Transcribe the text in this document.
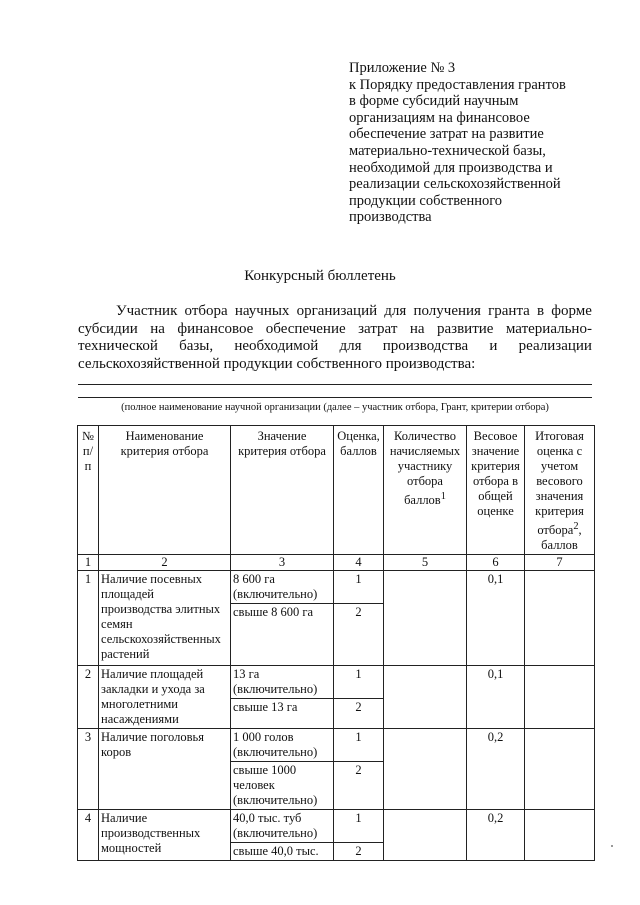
Приложение № 3
к Порядку предоставления грантов
в форме субсидий научным
организациям на финансовое
обеспечение затрат на развитие
материально-технической базы,
необходимой для производства и
реализации сельскохозяйственной
продукции собственного
производства
Конкурсный бюллетень
Участник отбора научных организаций для получения гранта в форме
субсидии на финансовое обеспечение затрат на развитие материально-
технической базы, необходимой для производства и реализации
сельскохозяйственной продукции собственного производства:
(полное наименование научной организации (далее – участник отбора, Грант, критерии отбора)
№ п/п	Наименование критерия отбора	Значение критерия отбора	Оценка, баллов	Количество начисляемых участнику отбора баллов$^1$	Весовое значение критерия отбора в общей оценке	Итоговая оценка с учетом весового значения критерия отбора$^2$, баллов
1	2	3	4	5	6	7
1	Наличие посевных площадей производства элитных семян сельскохозяйственных растений	8 600 га (включительно)	1		0,1	
		свыше 8 600 га	2			
2	Наличие площадей закладки и ухода за многолетними насаждениями	13 га (включительно)	1		0,1	
		свыше 13 га	2			
3	Наличие поголовья коров	1 000 голов (включительно)	1		0,2	
		свыше 1000 человек (включительно)	2			
4	Наличие производственных мощностей	40,0 тыс. туб (включительно)	1		0,2	
		свыше 40,0 тыс.	2			
